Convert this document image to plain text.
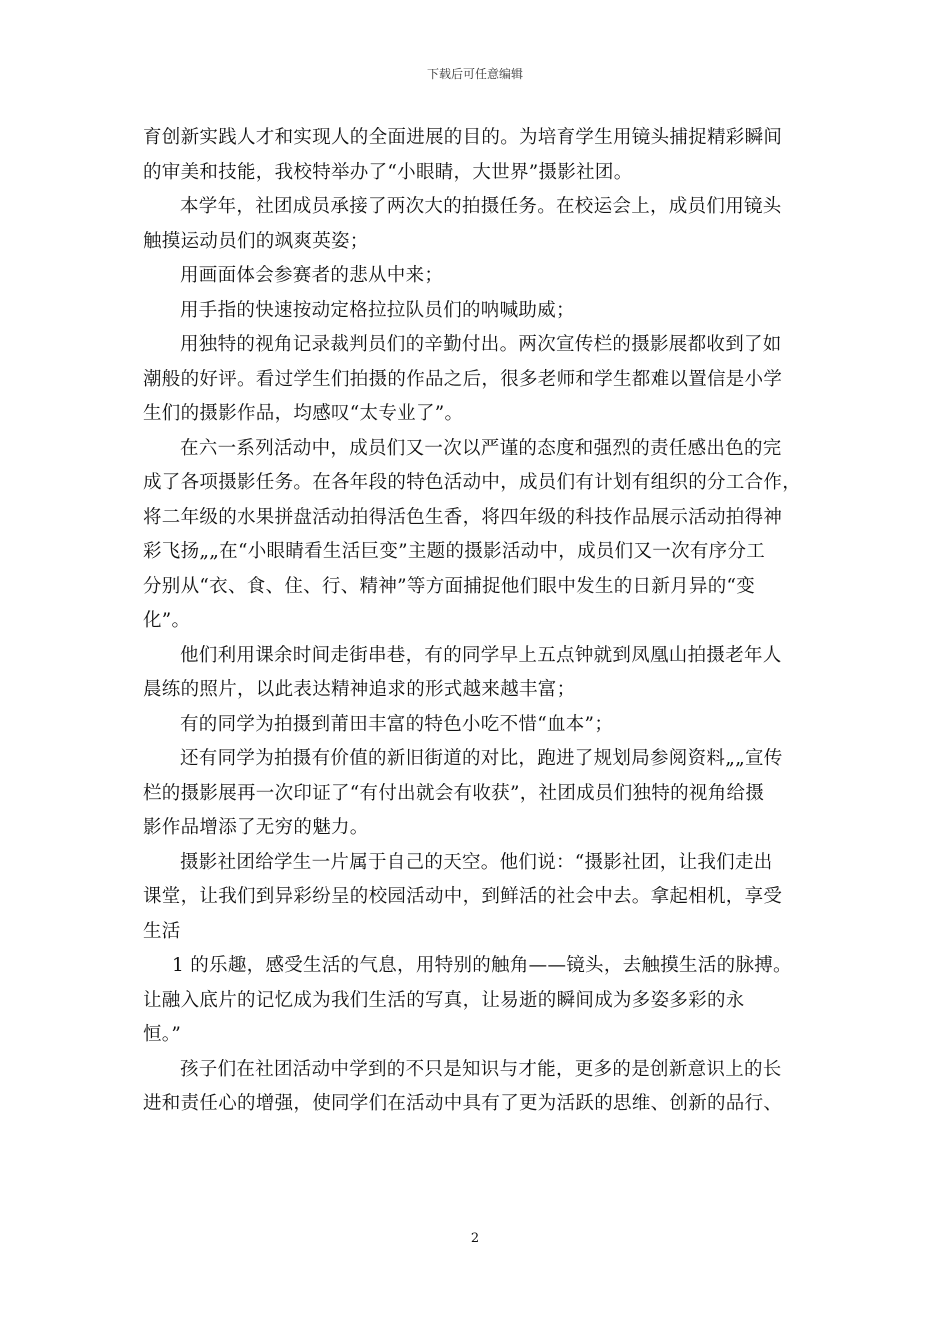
下载后可任意编辑
育创新实践人才和实现人的全面进展的目的。为培育学生用镜头捕捉精彩瞬间
的审美和技能，我校特举办了“小眼睛，大世界”摄影社团。
本学年，社团成员承接了两次大的拍摄任务。在校运会上，成员们用镜头
触摸运动员们的飒爽英姿；
用画面体会参赛者的悲从中来；
用手指的快速按动定格拉拉队员们的呐喊助威；
用独特的视角记录裁判员们的辛勤付出。两次宣传栏的摄影展都收到了如
潮般的好评。看过学生们拍摄的作品之后，很多老师和学生都难以置信是小学
生们的摄影作品，均感叹“太专业了”。
在六一系列活动中，成员们又一次以严谨的态度和强烈的责任感出色的完
成了各项摄影任务。在各年段的特色活动中，成员们有计划有组织的分工合作，
将二年级的水果拼盘活动拍得活色生香，将四年级的科技作品展示活动拍得神
彩飞扬„„在“小眼睛看生活巨变”主题的摄影活动中，成员们又一次有序分工
分别从“衣、食、住、行、精神”等方面捕捉他们眼中发生的日新月异的“变
化”。
他们利用课余时间走街串巷，有的同学早上五点钟就到凤凰山拍摄老年人
晨练的照片，以此表达精神追求的形式越来越丰富；
有的同学为拍摄到莆田丰富的特色小吃不惜“血本”；
还有同学为拍摄有价值的新旧街道的对比，跑进了规划局参阅资料„„宣传
栏的摄影展再一次印证了“有付出就会有收获”，社团成员们独特的视角给摄
影作品增添了无穷的魅力。
摄影社团给学生一片属于自己的天空。他们说：“摄影社团，让我们走出
课堂，让我们到异彩纷呈的校园活动中，到鲜活的社会中去。拿起相机，享受
生活
1 的乐趣，感受生活的气息，用特别的触角——镜头，去触摸生活的脉搏。
让融入底片的记忆成为我们生活的写真，让易逝的瞬间成为多姿多彩的永
恒。”
孩子们在社团活动中学到的不只是知识与才能，更多的是创新意识上的长
进和责任心的增强，使同学们在活动中具有了更为活跃的思维、创新的品行、
2
